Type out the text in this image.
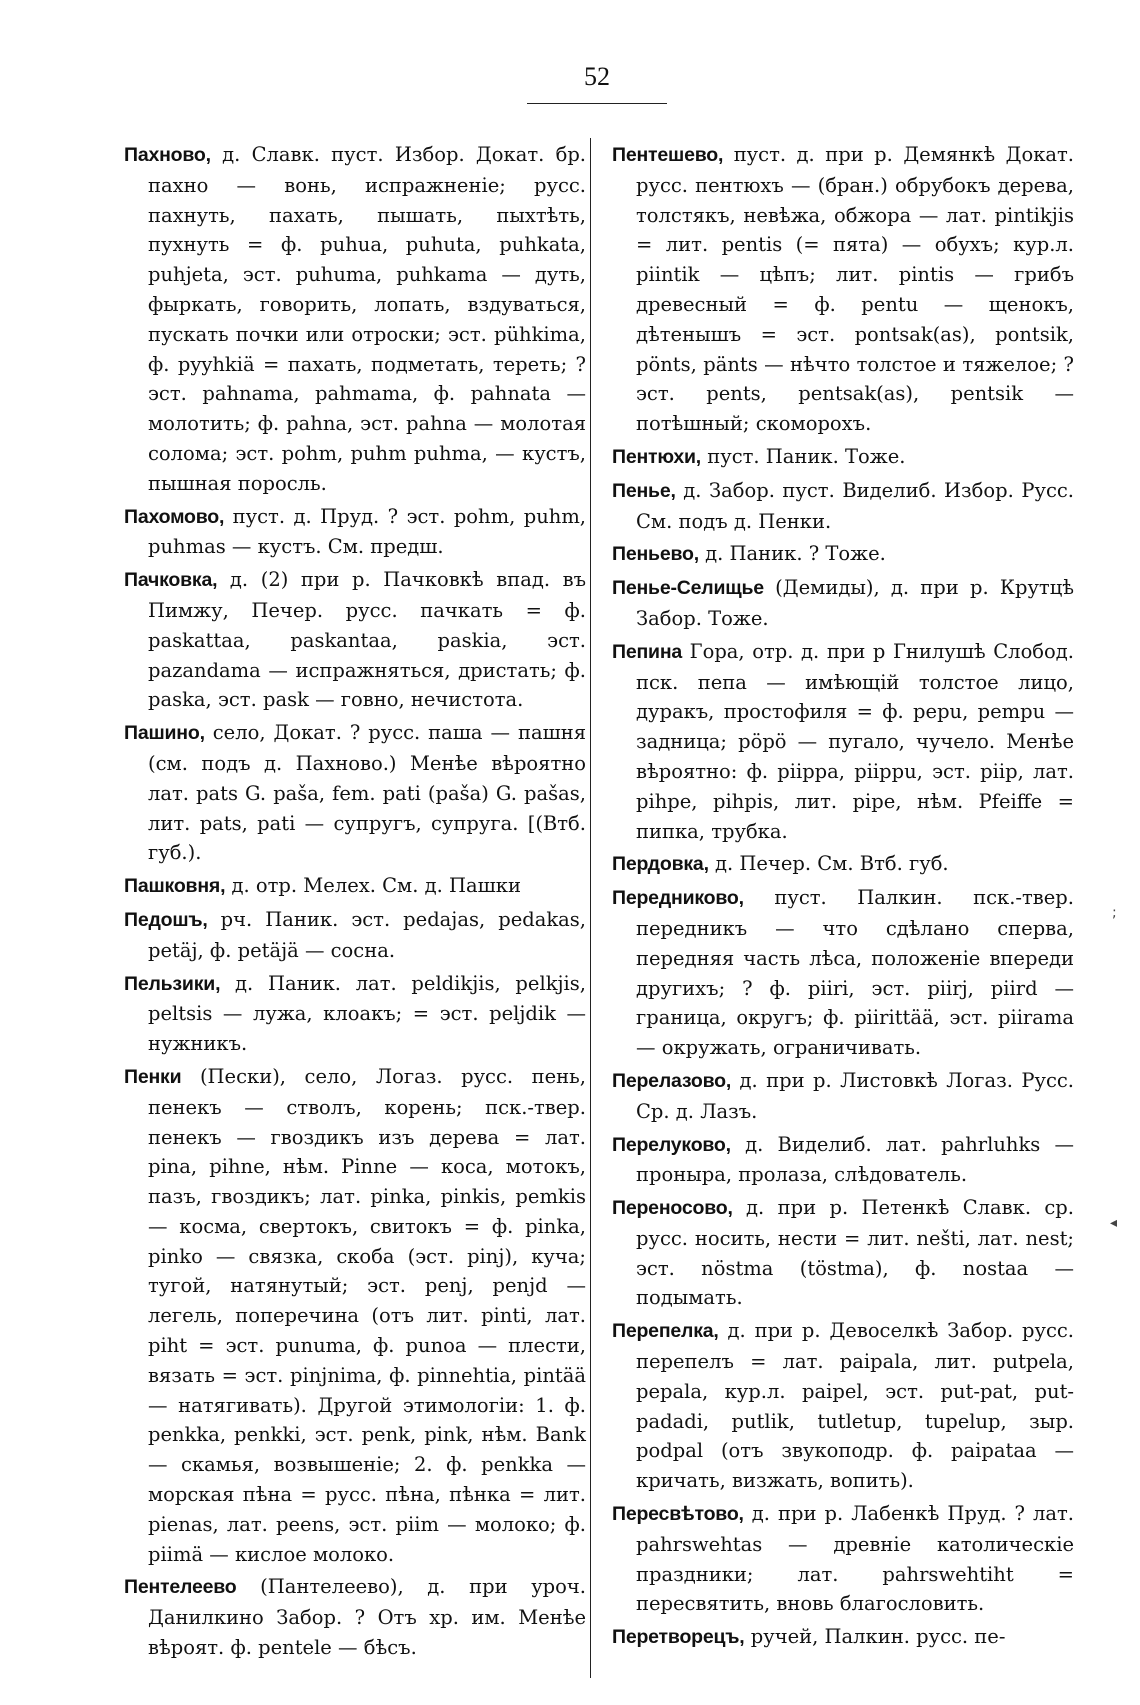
52

Пахново, д. Славк. пуст. Избор. Докат. бр. пахно — вонь, испражненіе; русс. пахнуть, пахать, пышать, пыхтѣть, пухнуть = ф. puhua, puhuta, puhkata, puhjeta, эст. puhuma, puhkama — дуть, фыркать, говорить, лопать, вздуваться, пускать почки или отроски; эст. pühkima, ф. pyyhkiä = пахать, подметать, тереть; ? эст. pahnama, pahmama, ф. pahnata — молотить; ф. pahna, эст. pahna — молотая солома; эст. pohm, puhm puhma, — кустъ, пышная поросль.

Пахомово, пуст. д. Пруд. ? эст. pohm, puhm, puhmas — кустъ. См. предш.

Пачковка, д. (2) при р. Пачковкѣ впад. въ Пимжу, Печер. русс. пачкать = ф. paskattaa, paskantaa, paskia, эст. pazandama — испражняться, дристать; ф. paska, эст. pask — говно, нечистота.

Пашино, село, Докат. ? русс. паша — пашня (см. подъ д. Пахново.) Менѣе вѣроятно лат. pats G. paša, fem. pati (paša) G. pašas, лит. pats, pati — супругъ, супруга. [(Втб. губ.).

Пашковня, д. отр. Мелех. См. д. Пашки

Педошъ, рч. Паник. эст. pedajas, pedakas, petäj, ф. petäjä — сосна.

Пельзики, д. Паник. лат. peldikjis, pelkjis, peltsis — лужа, клоакъ; = эст. peljdik — нужникъ.

Пенки (Пески), село, Логаз. русс. пень, пенекъ — стволъ, корень; пск.-твер. пенекъ — гвоздикъ изъ дерева = лат. pina, pihne, нѣм. Pinne — коса, мотокъ, пазъ, гвоздикъ; лат. pinka, pinkis, pemkis — косма, свертокъ, свитокъ = ф. pinka, pinko — связка, скоба (эст. pinj), куча; тугой, натянутый; эст. penj, penjd — легель, поперечина (отъ лит. pinti, лат. piht = эст. punuma, ф. punoa — плести, вязать = эст. pinjnima, ф. pinnehtia, pintää — натягивать). Другой этимологіи: 1. ф. penkka, penkki, эст. penk, pink, нѣм. Bank — скамья, возвышеніе; 2. ф. penkka — морская пѣна = русс. пѣна, пѣнка = лит. pienas, лат. peens, эст. piim — молоко; ф. piimä — кислое молоко.

Пентелеево (Пантелеево), д. при уроч. Данилкино Забор. ? Отъ хр. им. Менѣе вѣроят. ф. pentele — бѣсъ.

Пентешево, пуст. д. при р. Демянкѣ Докат. русс. пентюхъ — (бран.) обрубокъ дерева, толстякъ, невѣжа, обжора — лат. pintikjis = лит. pentis (= пята) — обухъ; кур.л. piintik — цѣпъ; лит. pintis — грибъ древесный = ф. pentu — щенокъ, дѣтенышъ = эст. pontsak(as), pontsik, pönts, pänts — нѣчто толстое и тяжелое; ? эст. pents, pentsak(as), pentsik — потѣшный; скоморохъ.

Пентюхи, пуст. Паник. Тоже.

Пенье, д. Забор. пуст. Виделиб. Избор. Русс. См. подъ д. Пенки.

Пеньево, д. Паник. ? Тоже.

Пенье-Селищье (Демиды), д. при р. Крутцѣ Забор. Тоже.

Пепина Гора, отр. д. при р Гнилушѣ Слобод. пск. пепа — имѣющій толстое лицо, дуракъ, простофиля = ф. pepu, pempu — задница; pöpö — пугало, чучело. Менѣе вѣроятно: ф. piippa, piippu, эст. piip, лат. pihpe, pihpis, лит. pipe, нѣм. Pfeiffe = пипка, трубка.

Пердовка, д. Печер. См. Втб. губ.

Передниково, пуст. Палкин. пск.-твер. передникъ — что сдѣлано сперва, передняя часть лѣса, положеніе впереди другихъ; ? ф. piiri, эст. piirj, piird — граница, округъ; ф. piirittää, эст. piirama — окружать, ограничивать.

Перелазово, д. при р. Листовкѣ Логаз. Русс. Ср. д. Лазъ.

Перелуково, д. Виделиб. лат. pahrluhks — пронырa, пролаза, слѣдователь.

Переносово, д. при р. Петенкѣ Славк. ср. русс. носить, нести = лит. nešti, лат. nest; эст. nöstma (töstma), ф. nostaa — подымать.

Перепелка, д. при р. Девоселкѣ Забор. русс. перепелъ = лат. paipala, лит. putpela, pepala, кур.л. paipel, эст. put-pat, put-padadi, putlik, tutletup, tupelup, зыр. podpal (отъ звукоподр. ф. paipataa — кричать, визжать, вопить).

Пересвѣтово, д. при р. Лабенкѣ Пруд. ? лат. pahrswehtas — древніе католическіе праздники; лат. pahrswehtiht = пересвятить, вновь благословить.

Перетворецъ, ручей, Палкин. русс. пе-

;
◂
